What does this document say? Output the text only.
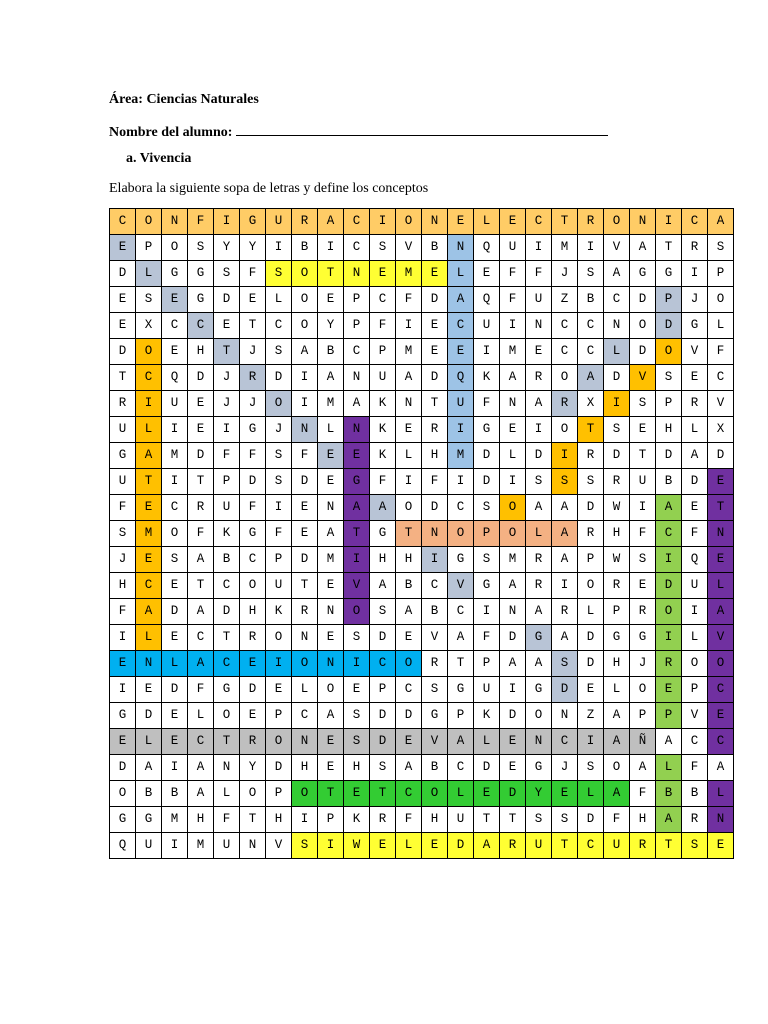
Área: Ciencias Naturales
Nombre del alumno:
a. Vivencia
Elabora la siguiente sopa de letras y define los conceptos
C	O	N	F	I	G	U	R	A	C	I	O	N	E	L	E	C	T	R	O	N	I	C	A
E	P	O	S	Y	Y	I	B	I	C	S	V	B	N	Q	U	I	M	I	V	A	T	R	S
D	L	G	G	S	F	S	O	T	N	E	M	E	L	E	F	F	J	S	A	G	G	I	P
E	S	E	G	D	E	L	O	E	P	C	F	D	A	Q	F	U	Z	B	C	D	P	J	O
E	X	C	C	E	T	C	O	Y	P	F	I	E	C	U	I	N	C	C	N	O	D	G	L
D	O	E	H	T	J	S	A	B	C	P	M	E	E	I	M	E	C	C	L	D	O	V	F
T	C	Q	D	J	R	D	I	A	N	U	A	D	Q	K	A	R	O	A	D	V	S	E	C
R	I	U	E	J	J	O	I	M	A	K	N	T	U	F	N	A	R	X	I	S	P	R	V
U	L	I	E	I	G	J	N	L	N	K	E	R	I	G	E	I	O	T	S	E	H	L	X
G	A	M	D	F	F	S	F	E	E	K	L	H	M	D	L	D	I	R	D	T	D	A	D
U	T	I	T	P	D	S	D	E	G	F	I	F	I	D	I	S	S	S	R	U	B	D	E
F	E	C	R	U	F	I	E	N	A	A	O	D	C	S	O	A	A	D	W	I	A	E	T
S	M	O	F	K	G	F	E	A	T	G	T	N	O	P	O	L	A	R	H	F	C	F	N
J	E	S	A	B	C	P	D	M	I	H	H	I	G	S	M	R	A	P	W	S	I	Q	E
H	C	E	T	C	O	U	T	E	V	A	B	C	V	G	A	R	I	O	R	E	D	U	L
F	A	D	A	D	H	K	R	N	O	S	A	B	C	I	N	A	R	L	P	R	O	I	A
I	L	E	C	T	R	O	N	E	S	D	E	V	A	F	D	G	A	D	G	G	I	L	V
E	N	L	A	C	E	I	O	N	I	C	O	R	T	P	A	A	S	D	H	J	R	O	O
I	E	D	F	G	D	E	L	O	E	P	C	S	G	U	I	G	D	E	L	O	E	P	C
G	D	E	L	O	E	P	C	A	S	D	D	G	P	K	D	O	N	Z	A	P	P	V	E
E	L	E	C	T	R	O	N	E	S	D	E	V	A	L	E	N	C	I	A	Ñ	A	C	C
D	A	I	A	N	Y	D	H	E	H	S	A	B	C	D	E	G	J	S	O	A	L	F	A
O	B	B	A	L	O	P	O	T	E	T	C	O	L	E	D	Y	E	L	A	F	B	B	L
G	G	M	H	F	T	H	I	P	K	R	F	H	U	T	T	S	S	D	F	H	A	R	N
Q	U	I	M	U	N	V	S	I	W	E	L	E	D	A	R	U	T	C	U	R	T	S	E
